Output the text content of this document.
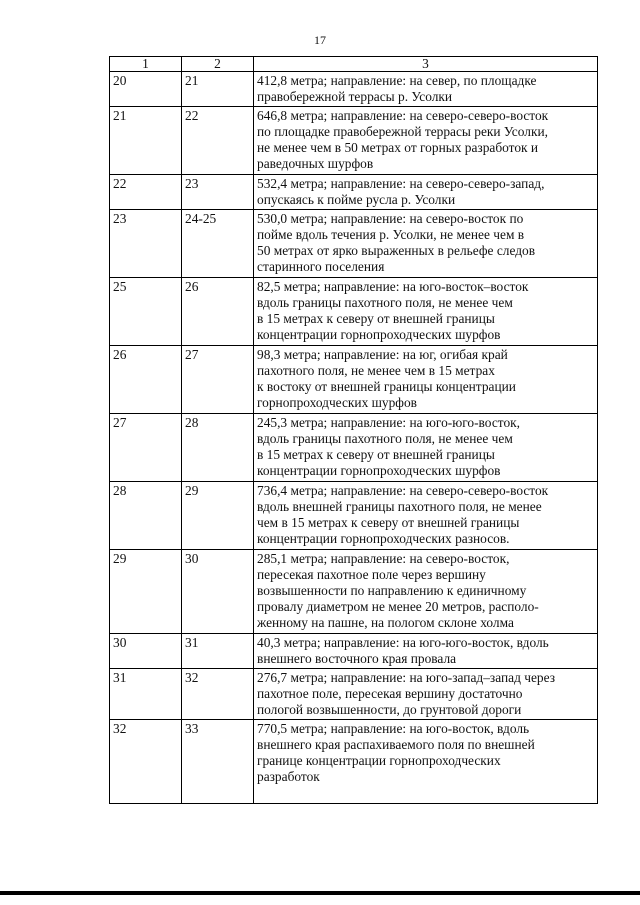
17
1	2	3
20	21	412,8 метра; направление: на север, по площадке
правобережной террасы р. Усолки

21	22	646,8 метра; направление: на северо-северо-восток
по площадке правобережной террасы реки Усолки,
не менее чем в 50 метрах от горных разработок и
раведочных шурфов

22	23	532,4 метра; направление: на северо-северо-запад,
опускаясь к пойме русла р. Усолки

23	24-25	530,0 метра; направление: на северо-восток по
пойме вдоль течения р. Усолки, не менее чем в
50 метрах от ярко выраженных в рельефе следов
старинного поселения

25	26	82,5 метра; направление: на юго-восток–восток
вдоль границы пахотного поля, не менее чем
в 15 метрах к северу от внешней границы
концентрации горнопроходческих шурфов

26	27	98,3 метра; направление: на юг, огибая край
пахотного поля, не менее чем в 15 метрах
к востоку от внешней границы концентрации
горнопроходческих шурфов

27	28	245,3 метра; направление: на юго-юго-восток,
вдоль границы пахотного поля, не менее чем
в 15 метрах к северу от внешней границы
концентрации горнопроходческих шурфов

28	29	736,4 метра; направление: на северо-северо-восток
вдоль внешней границы пахотного поля, не менее
чем в 15 метрах к северу от внешней границы
концентрации горнопроходческих разносов.

29	30	285,1 метра; направление: на северо-восток,
пересекая пахотное поле через вершину
возвышенности по направлению к единичному
провалу диаметром не менее 20 метров, располо-
женному на пашне, на пологом склоне холма

30	31	40,3 метра; направление: на юго-юго-восток, вдоль
внешнего восточного края провала

31	32	276,7 метра; направление: на юго-запад–запад через
пахотное поле, пересекая вершину достаточно
пологой возвышенности, до грунтовой дороги

32	33	770,5 метра; направление: на юго-восток, вдоль
внешнего края распахиваемого поля по внешней
границе концентрации горнопроходческих
разработок
